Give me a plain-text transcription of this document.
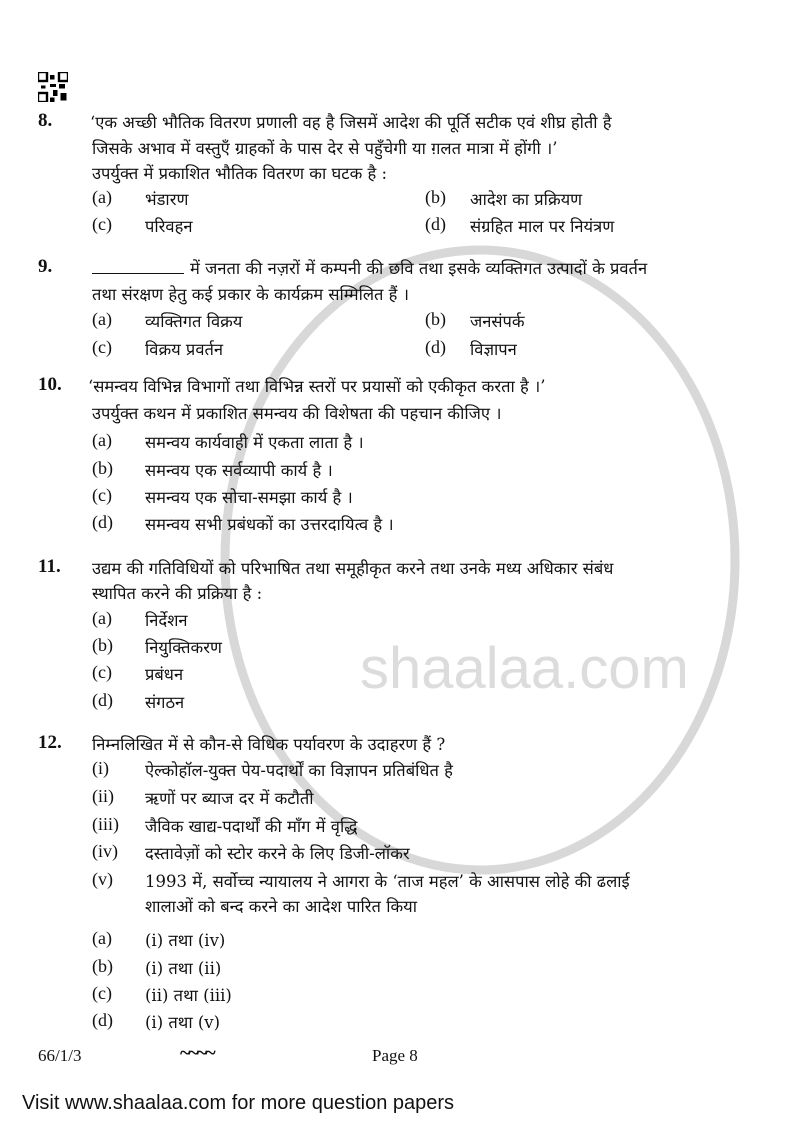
shaalaa.com
8. ‘एक अच्छी भौतिक वितरण प्रणाली वह है जिसमें आदेश की पूर्ति सटीक एवं शीघ्र होती है
जिसके अभाव में वस्तुएँ ग्राहकों के पास देर से पहुँचेगी या ग़लत मात्रा में होंगी ।’
उपर्युक्त में प्रकाशित भौतिक वितरण का घटक है :
(a) भंडारण	(b) आदेश का प्रक्रियण
(c) परिवहन	(d) संग्रहित माल पर नियंत्रण
9.	में जनता की नज़रों में कम्पनी की छवि तथा इसके व्यक्तिगत उत्पादों के प्रवर्तन
तथा संरक्षण हेतु कई प्रकार के कार्यक्रम सम्मिलित हैं ।
(a) व्यक्तिगत विक्रय	(b) जनसंपर्क
(c) विक्रय प्रवर्तन	(d) विज्ञापन
10. ‘समन्वय विभिन्न विभागों तथा विभिन्न स्तरों पर प्रयासों को एकीकृत करता है ।’
उपर्युक्त कथन में प्रकाशित समन्वय की विशेषता की पहचान कीजिए ।
(a) समन्वय कार्यवाही में एकता लाता है ।
(b) समन्वय एक सर्वव्यापी कार्य है ।
(c) समन्वय एक सोचा-समझा कार्य है ।
(d) समन्वय सभी प्रबंधकों का उत्तरदायित्व है ।
11. उद्यम की गतिविधियों को परिभाषित तथा समूहीकृत करने तथा उनके मध्य अधिकार संबंध
स्थापित करने की प्रक्रिया है :
(a) निर्देशन
(b) नियुक्तिकरण
(c) प्रबंधन
(d) संगठन
12. निम्नलिखित में से कौन-से विधिक पर्यावरण के उदाहरण हैं ?
(i) ऐल्कोहॉल-युक्त पेय-पदार्थों का विज्ञापन प्रतिबंधित है
(ii) ऋणों पर ब्याज दर में कटौती
(iii) जैविक खाद्य-पदार्थों की माँग में वृद्धि
(iv) दस्तावेज़ों को स्टोर करने के लिए डिजी-लॉकर
(v) 1993 में, सर्वोच्च न्यायालय ने आगरा के ‘ताज महल’ के आसपास लोहे की ढलाई
शालाओं को बन्द करने का आदेश पारित किया
(a) (i) तथा (iv)
(b) (i) तथा (ii)
(c) (ii) तथा (iii)
(d) (i) तथा (v)
66/1/3	~~~~	Page 8
Visit www.shaalaa.com for more question papers
